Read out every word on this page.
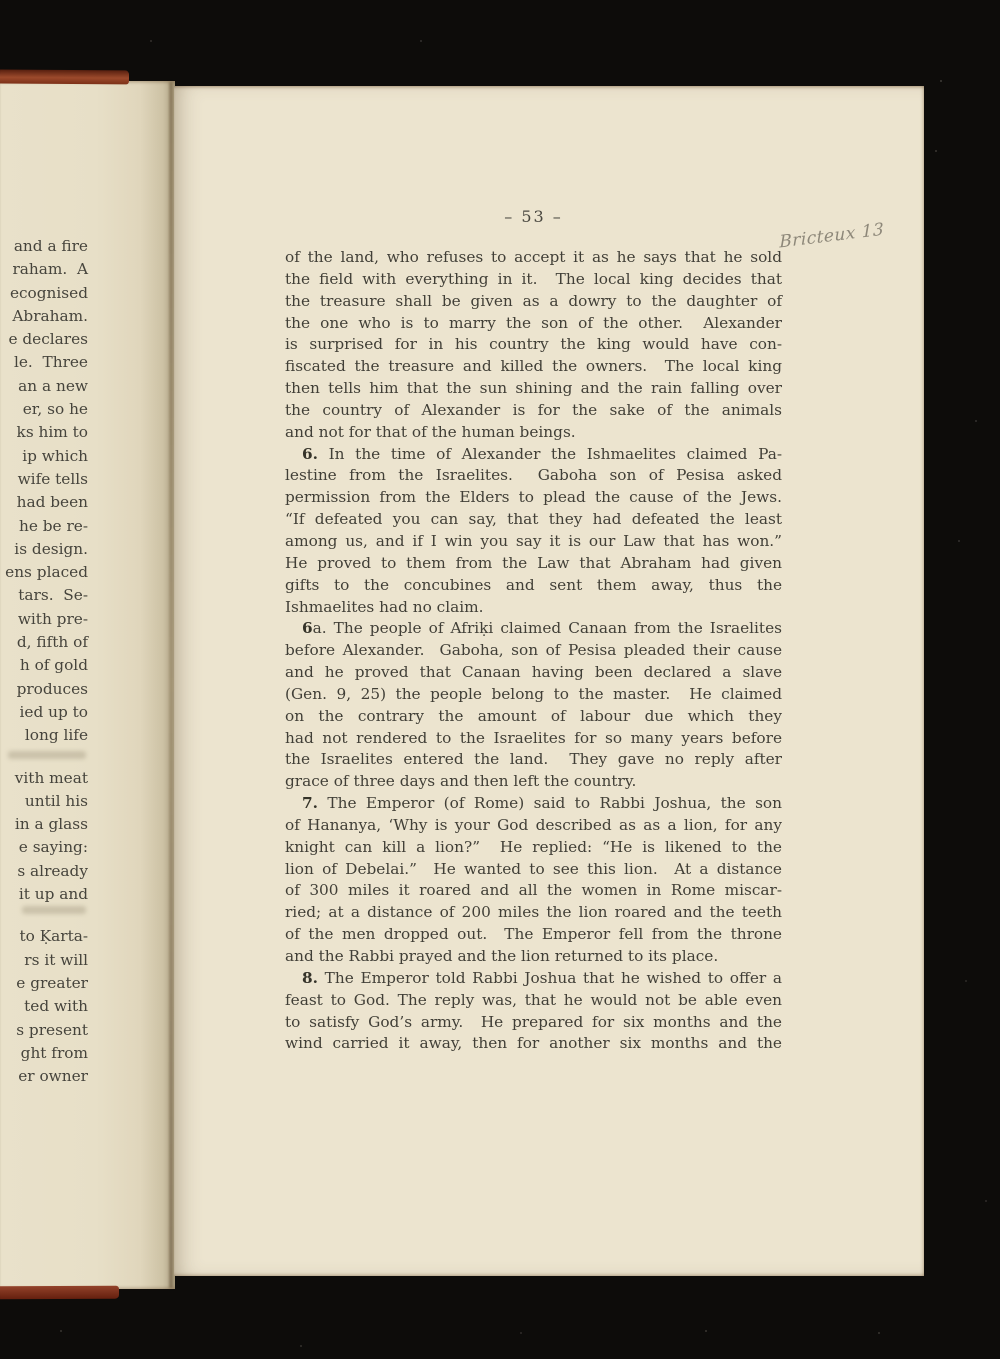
and a fire
raham.  A
ecognised
Abraham.
e declares
le.  Three
an a new
er, so he
ks him to
ip which
wife tells
had been
he be re-
is design.
ens placed
tars.  Se-
with pre-
d, fifth of
h of gold
produces
ied up to
long life
vith meat
until his
in a glass
e saying:
s already
it up and
to Ḳarta-
rs it will
e greater
ted with
s present
ght from
er owner
– 53 –
Bricteux 13
of the land, who refuses to accept it as he says that he sold
the field with everything in it.  The local king decides that
the treasure shall be given as a dowry to the daughter of
the one who is to marry the son of the other.  Alexander
is surprised for in his country the king would have con-
fiscated the treasure and killed the owners.  The local king
then tells him that the sun shining and the rain falling over
the country of Alexander is for the sake of the animals
and not for that of the human beings.
6. In the time of Alexander the Ishmaelites claimed Pa-
lestine from the Israelites.  Gaboha son of Pesisa asked
permission from the Elders to plead the cause of the Jews.
“If defeated you can say, that they had defeated the least
among us, and if I win you say it is our Law that has won.”
He proved to them from the Law that Abraham had given
gifts to the concubines and sent them away, thus the
Ishmaelites had no claim.
6a. The people of Afriḳi claimed Canaan from the Israelites
before Alexander.  Gaboha, son of Pesisa pleaded their cause
and he proved that Canaan having been declared a slave
(Gen. 9, 25) the people belong to the master.  He claimed
on the contrary the amount of labour due which they
had not rendered to the Israelites for so many years before
the Israelites entered the land.  They gave no reply after
grace of three days and then left the country.
7. The Emperor (of Rome) said to Rabbi Joshua, the son
of Hananya, ‘Why is your God described as as a lion, for any
knight can kill a lion?”  He replied: “He is likened to the
lion of Debelai.”  He wanted to see this lion.  At a distance
of 300 miles it roared and all the women in Rome miscar-
ried; at a distance of 200 miles the lion roared and the teeth
of the men dropped out.  The Emperor fell from the throne
and the Rabbi prayed and the lion returned to its place.
8. The Emperor told Rabbi Joshua that he wished to offer a
feast to God. The reply was, that he would not be able even
to satisfy God’s army.  He prepared for six months and the
wind carried it away, then for another six months and the
